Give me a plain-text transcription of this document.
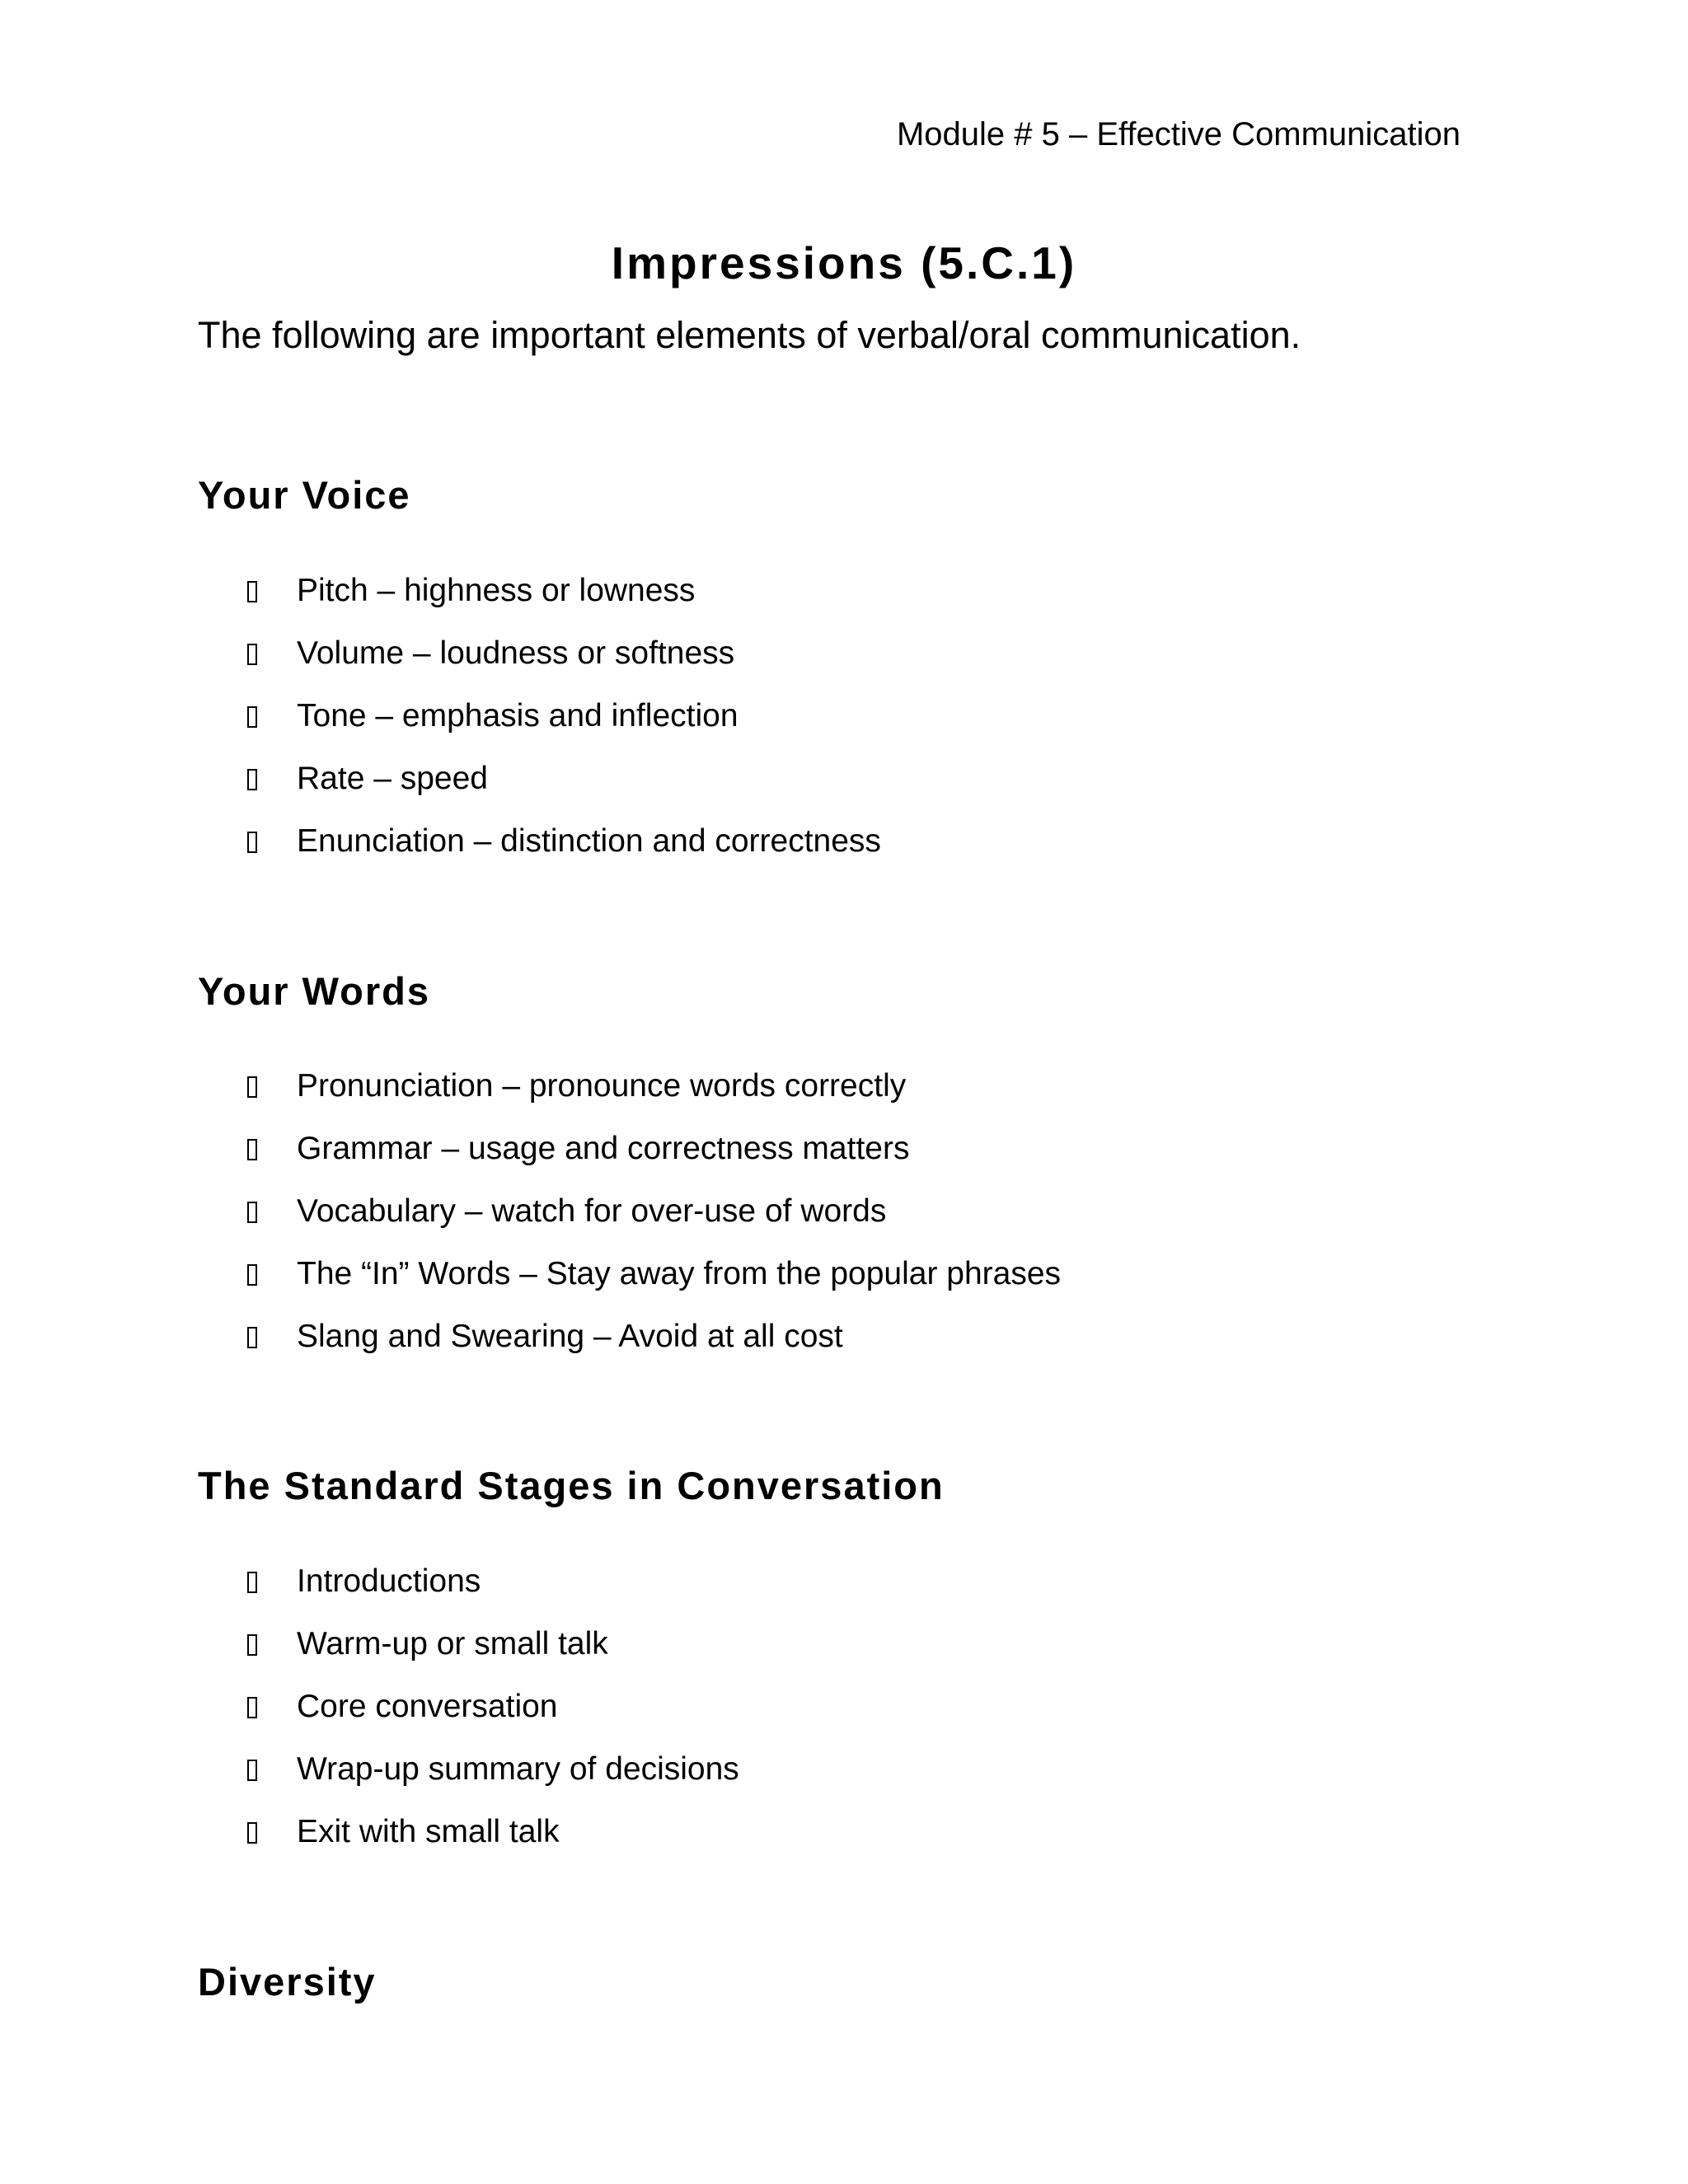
Module # 5 – Effective Communication
Impressions (5.C.1)
The following are important elements of verbal/oral communication.
Your Voice
Pitch – highness or lowness
Volume – loudness or softness
Tone – emphasis and inflection
Rate – speed
Enunciation – distinction and correctness
Your Words
Pronunciation – pronounce words correctly
Grammar – usage and correctness matters
Vocabulary – watch for over-use of words
The “In” Words – Stay away from the popular phrases
Slang and Swearing – Avoid at all cost
The Standard Stages in Conversation
Introductions
Warm-up or small talk
Core conversation
Wrap-up summary of decisions
Exit with small talk
Diversity
